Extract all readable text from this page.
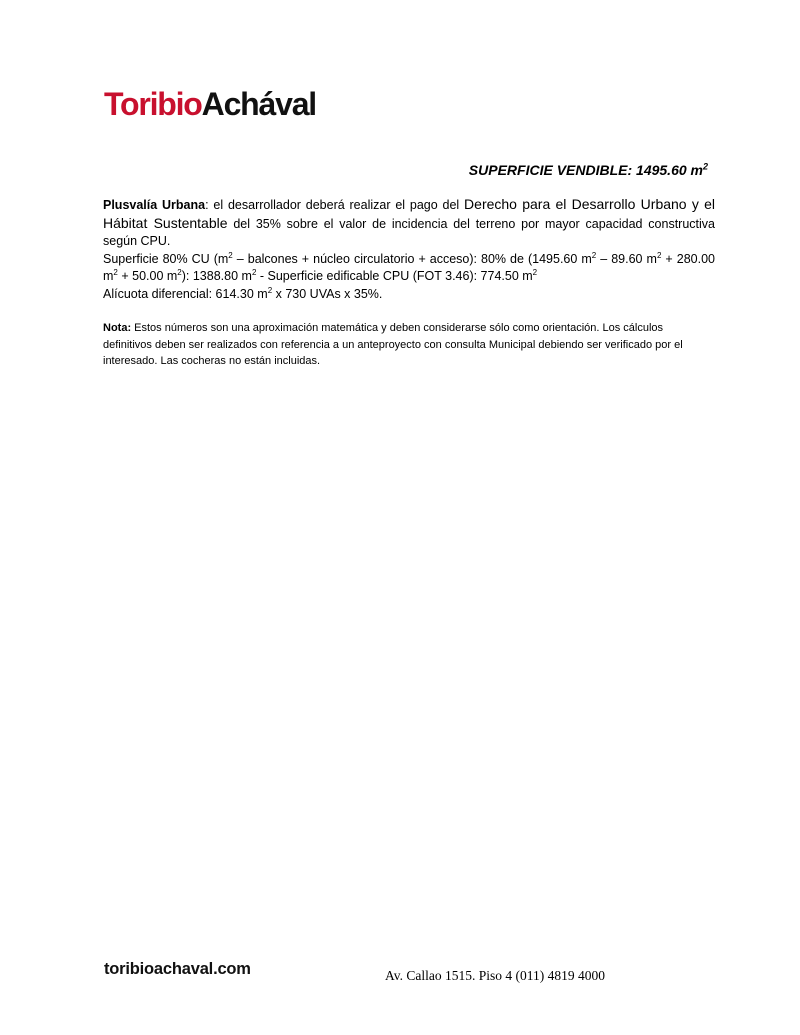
ToribioAchával
SUPERFICIE VENDIBLE: 1495.60 $m^2$

Plusvalía Urbana: el desarrollador deberá realizar el pago del Derecho para el Desarrollo Urbano y el Hábitat Sustentable del 35% sobre el valor de incidencia del terreno por mayor capacidad constructiva según CPU.

Superficie 80% CU ($m^2$ – balcones + núcleo circulatorio + acceso): 80% de (1495.60 $m^2 - 89.60$ $m^2 + 280.00$ $m^2 + 50.00$ $m^2$): 1388.80 $m^2$ - Superficie edificable CPU (FOT 3.46): 774.50 $m^2$

Alícuota diferencial: 614.30 $m^2$ x 730 UVAs x 35%.

Nota: Estos números son una aproximación matemática y deben considerarse sólo como orientación. Los cálculos definitivos deben ser realizados con referencia a un anteproyecto con consulta Municipal debiendo ser verificado por el interesado. Las cocheras no están incluidas.

toribioachaval.com	Av. Callao 1515. Piso 4 (011) 4819 4000
